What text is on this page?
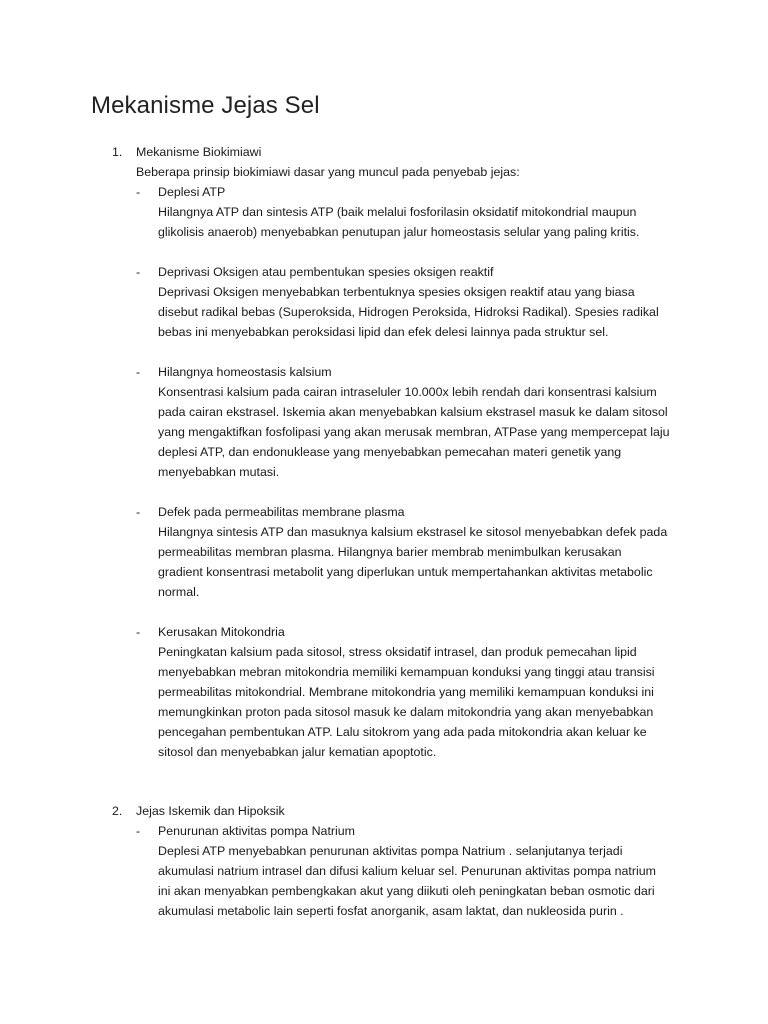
Mekanisme Jejas Sel
1. Mekanisme Biokimiawi
Beberapa prinsip biokimiawi dasar yang muncul pada penyebab jejas:
- Deplesi ATP
Hilangnya ATP dan sintesis ATP (baik melalui fosforilasin oksidatif mitokondrial maupun
glikolisis anaerob) menyebabkan penutupan jalur homeostasis selular yang paling kritis.
- Deprivasi Oksigen atau pembentukan spesies oksigen reaktif
Deprivasi Oksigen menyebabkan terbentuknya spesies oksigen reaktif atau yang biasa
disebut radikal bebas (Superoksida, Hidrogen Peroksida, Hidroksi Radikal). Spesies radikal
bebas ini menyebabkan peroksidasi lipid dan efek delesi lainnya pada struktur sel.
- Hilangnya homeostasis kalsium
Konsentrasi kalsium pada cairan intraseluler 10.000x lebih rendah dari konsentrasi kalsium
pada cairan ekstrasel. Iskemia akan menyebabkan kalsium ekstrasel masuk ke dalam sitosol
yang mengaktifkan fosfolipasi yang akan merusak membran, ATPase yang mempercepat laju
deplesi ATP, dan endonuklease yang menyebabkan pemecahan materi genetik yang
menyebabkan mutasi.
- Defek pada permeabilitas membrane plasma
Hilangnya sintesis ATP dan masuknya kalsium ekstrasel ke sitosol menyebabkan defek pada
permeabilitas membran plasma. Hilangnya barier membrab menimbulkan kerusakan
gradient konsentrasi metabolit yang diperlukan untuk mempertahankan aktivitas metabolic
normal.
- Kerusakan Mitokondria
Peningkatan kalsium pada sitosol, stress oksidatif intrasel, dan produk pemecahan lipid
menyebabkan mebran mitokondria memiliki kemampuan konduksi yang tinggi atau transisi
permeabilitas mitokondrial. Membrane mitokondria yang memiliki kemampuan konduksi ini
memungkinkan proton pada sitosol masuk ke dalam mitokondria yang akan menyebabkan
pencegahan pembentukan ATP. Lalu sitokrom yang ada pada mitokondria akan keluar ke
sitosol dan menyebabkan jalur kematian apoptotic.
2. Jejas Iskemik dan Hipoksik
- Penurunan aktivitas pompa Natrium
Deplesi ATP menyebabkan penurunan aktivitas pompa Natrium . selanjutanya terjadi
akumulasi natrium intrasel dan difusi kalium keluar sel. Penurunan aktivitas pompa natrium
ini akan menyabkan pembengkakan akut yang diikuti oleh peningkatan beban osmotic dari
akumulasi metabolic lain seperti fosfat anorganik, asam laktat, dan nukleosida purin .
